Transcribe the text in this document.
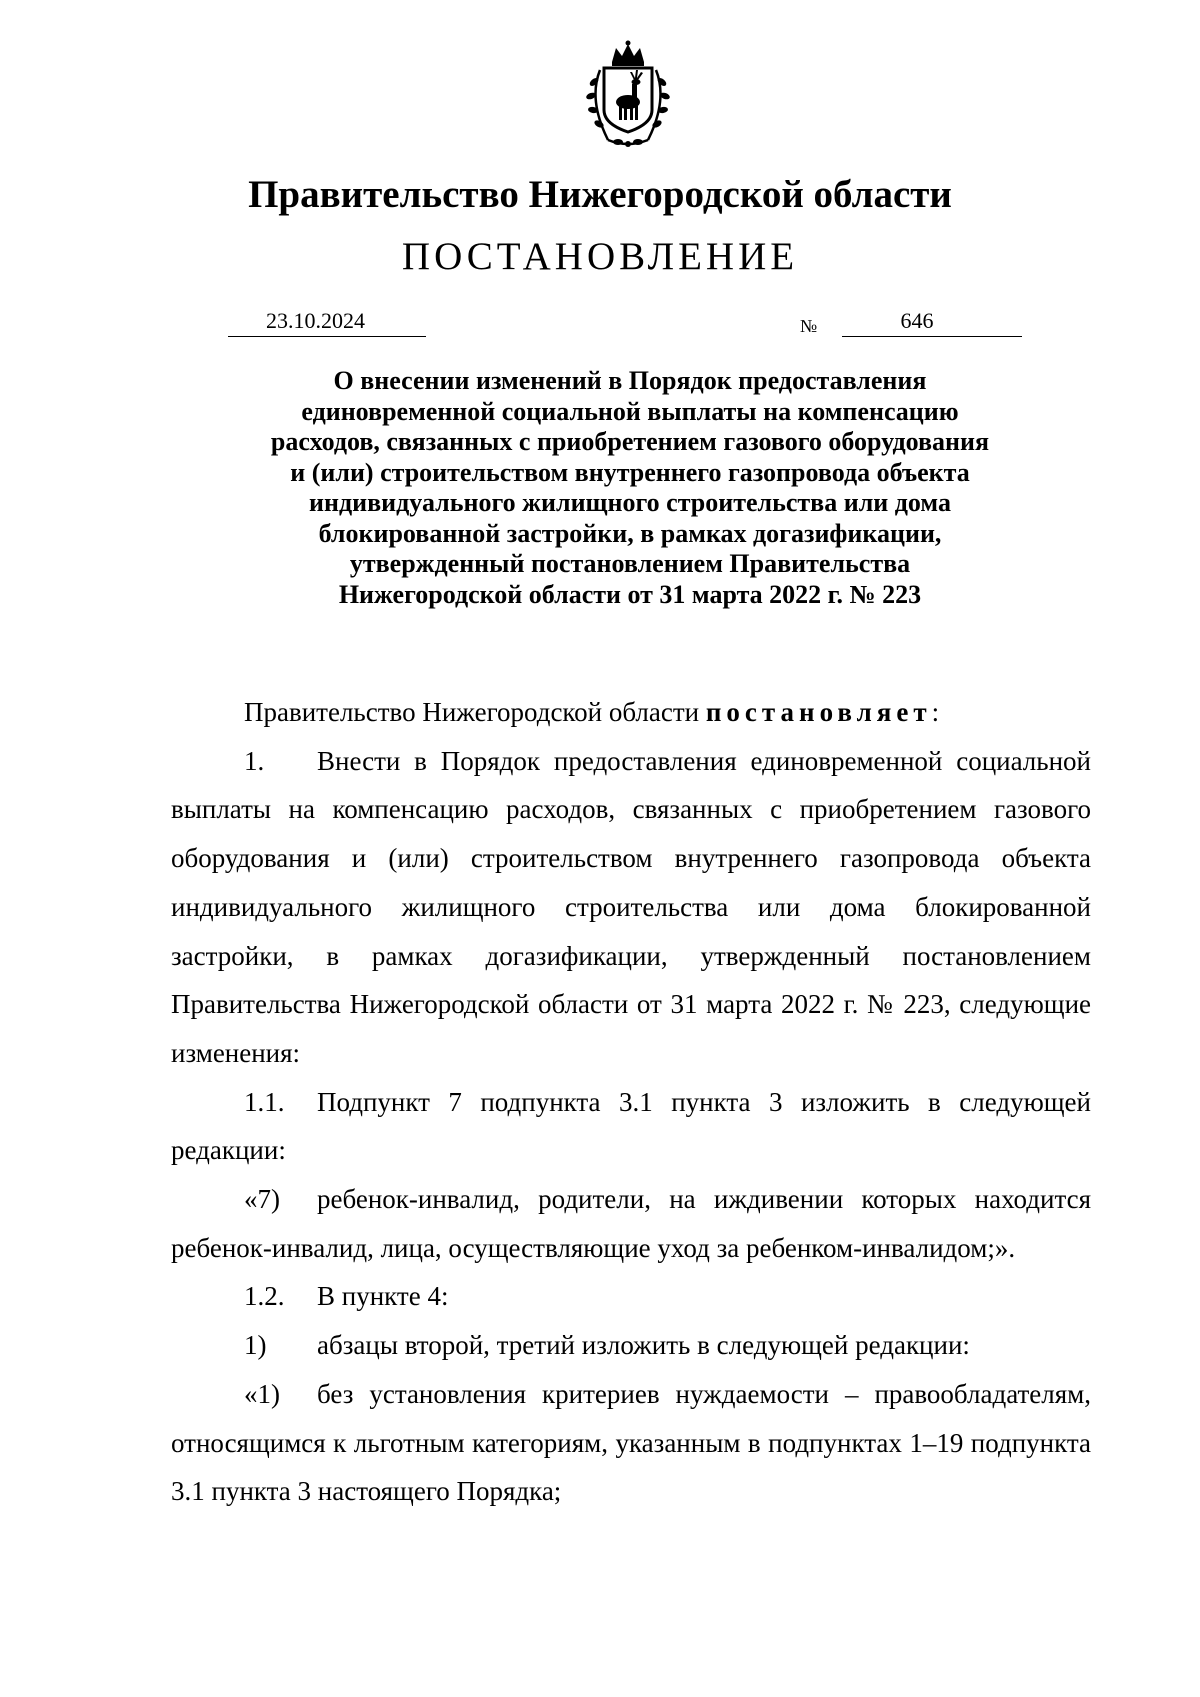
Правительство Нижегородской области
ПОСТАНОВЛЕНИЕ
23.10.2024	№	646
О внесении изменений в Порядок предоставления
единовременной социальной выплаты на компенсацию
расходов, связанных с приобретением газового оборудования
и (или) строительством внутреннего газопровода объекта
индивидуального жилищного строительства или дома
блокированной застройки, в рамках догазификации,
утвержденный постановлением Правительства
Нижегородской области от 31 марта 2022 г. № 223

Правительство Нижегородской области постановляет:

1. Внести в Порядок предоставления единовременной социальной выплаты на компенсацию расходов, связанных с приобретением газового оборудования и (или) строительством внутреннего газопровода объекта индивидуального жилищного строительства или дома блокированной застройки, в рамках догазификации, утвержденный постановлением Правительства Нижегородской области от 31 марта 2022 г. № 223, следующие изменения:

1.1. Подпункт 7 подпункта 3.1 пункта 3 изложить в следующей редакции:

«7) ребенок-инвалид, родители, на иждивении которых находится ребенок-инвалид, лица, осуществляющие уход за ребенком-инвалидом;».

1.2. В пункте 4:

1) абзацы второй, третий изложить в следующей редакции:

«1) без установления критериев нуждаемости – правообладателям, относящимся к льготным категориям, указанным в подпунктах 1–19 подпункта 3.1 пункта 3 настоящего Порядка;
